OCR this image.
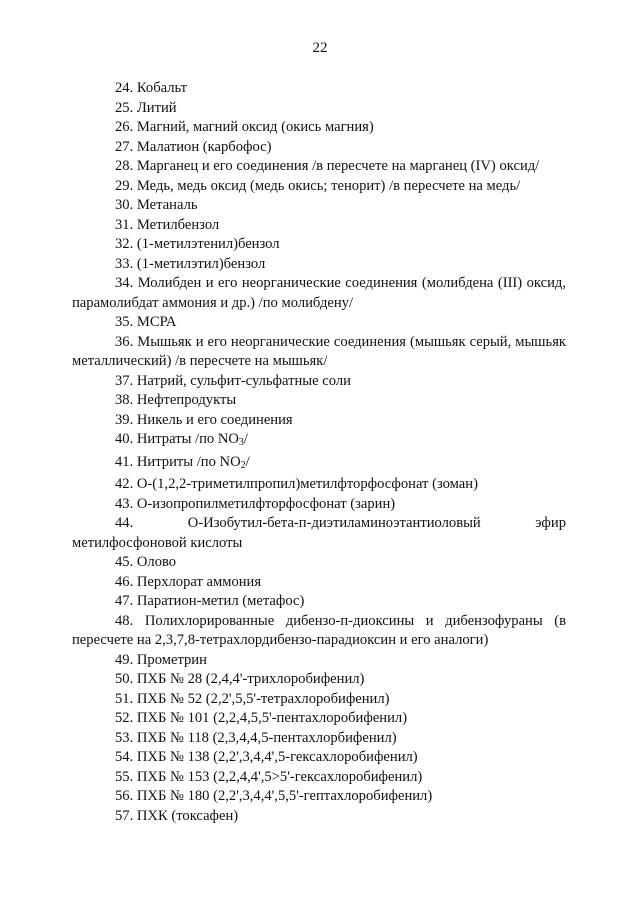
22
24. Кобальт
25. Литий
26. Магний, магний оксид (окись магния)
27. Малатион (карбофос)
28. Марганец и его соединения /в пересчете на марганец (IV) оксид/
29. Медь, медь оксид (медь окись; тенорит) /в пересчете на медь/
30. Метаналь
31. Метилбензол
32. (1-метилэтенил)бензол
33. (1-метилэтил)бензол
34. Молибден и его неорганические соединения (молибдена (III) оксид, парамолибдат аммония и др.) /по молибдену/
35. МСРА
36. Мышьяк и его неорганические соединения (мышьяк серый, мышьяк металлический) /в пересчете на мышьяк/
37. Натрий, сульфит-сульфатные соли
38. Нефтепродукты
39. Никель и его соединения
40. Нитраты /по $NO_3/$
41. Нитриты /по $NO_2/$
42. О-(1,2,2-триметилпропил)метилфторфосфонат (зоман)
43. О-изопропилметилфторфосфонат (зарин)
44. О-Изобутил-бета-п-диэтиламиноэтантиоловый эфир метилфосфоновой кислоты
45. Олово
46. Перхлорат аммония
47. Паратион-метил (метафос)
48. Полихлорированные дибензо-п-диоксины и дибензофураны (в пересчете на 2,3,7,8-тетрахлордибензо-парадиоксин и его аналоги)
49. Прометрин
50. ПХБ № 28 (2,4,4'-трихлоробифенил)
51. ПХБ № 52 (2,2',5,5'-тетрахлоробифенил)
52. ПХБ № 101 (2,2,4,5,5'-пентахлоробифенил)
53. ПХБ № 118 (2,3,4,4,5-пентахлорбифенил)
54. ПХБ № 138 (2,2',3,4,4',5-гексахлоробифенил)
55. ПХБ № 153 (2,2,4,4',5>5'-гексахлоробифенил)
56. ПХБ № 180 (2,2',3,4,4',5,5'-гептахлоробифенил)
57. ПХК (токсафен)
